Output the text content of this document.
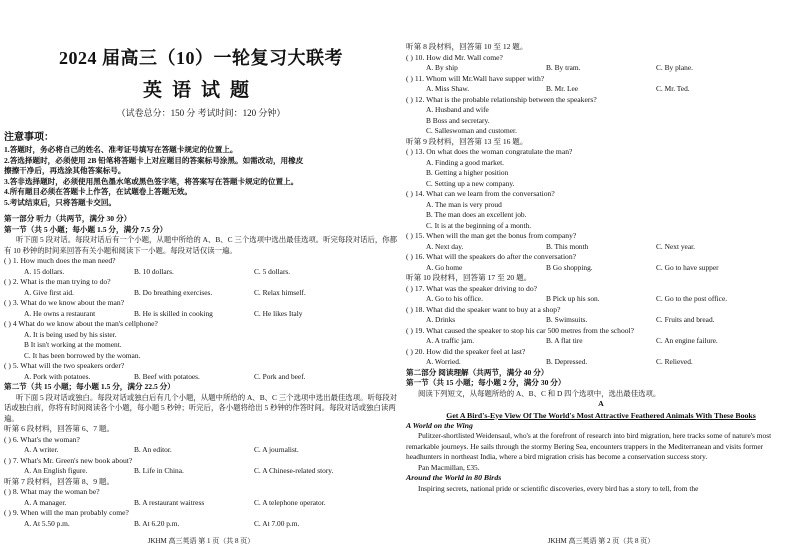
2024 届高三（10）一轮复习大联考
英语试题
（试卷总分：150 分 考试时间：120 分钟）
注意事项：
1.答题时，务必将自己的姓名、准考证号填写在答题卡规定的位置上。
2.答选择题时，必须使用 2B 铅笔将答题卡上对应题目的答案标号涂黑。如需改动，用橡皮
擦擦干净后，再选涂其他答案标号。
3.答非选择题时，必须使用黑色墨水笔或黑色签字笔，将答案写在答题卡规定的位置上。
4.所有题目必须在答题卡上作答，在试题卷上答题无效。
5.考试结束后，只将答题卡交回。
第一部分 听力（共两节，满分 30 分）
第一节（共 5 小题；每小题 1.5 分，满分 7.5 分）
听下面 5 段对话。每段对话后有一个小题，从题中所给的 A、B、C 三个选项中选出最佳选项。听完每段对话后，你都有 10 秒钟的时间来回答有关小题和阅读下一小题。每段对话仅读一遍。
( ) 1. How much does the man need?
A. 15 dollars.	B. 10 dollars.	C. 5 dollars.
( ) 2. What is the man trying to do?
A. Give first aid.	B. Do breathing exercises.	C. Relax himself.
( ) 3. What do we know about the man?
A. He owns a restaurant	B. He is skilled in cooking	C. He likes Italy
( ) 4 What do we know about the man's cellphone?
A. It is being used by his sister.
B It isn't working at the moment.
C. It has been borrowed by the woman.
( ) 5. What will the two speakers order?
A. Pork with potatoes.	B. Beef with potatoes.	C. Pork and beef.
第二节（共 15 小题；每小题 1.5 分，满分 22.5 分）
听下面 5 段对话或独白。每段对话或独白后有几个小题，从题中所给的 A、B、C 三个选项中选出最佳选项。听每段对话或独白前，你将有时间阅读各个小题，每小题 5 秒钟；听完后，各小题将给出 5 秒钟的作答时间。每段对话或独白读两遍。
听第 6 段材料，回答第 6、7 题。
( ) 6. What's the woman?
A. A writer.	B. An editor.	C. A journalist.
( ) 7. What's Mr. Green's new book about?
A. An English figure.	B. Life in China.	C. A Chinese-related story.
听第 7 段材料，回答第 8、9 题。
( ) 8. What may the woman be?
A. A manager.	B. A restaurant waitress	C. A telephone operator.
( ) 9. When will the man probably come?
A. At 5.50 p.m.	B. At 6.20 p.m.	C. At 7.00 p.m.
JKHM 高三英语 第 1 页（共 8 页）
听第 8 段材料，回答第 10 至 12 题。
( ) 10. How did Mr. Wall come?
A. By ship	B. By tram.	C. By plane.
( ) 11. Whom will Mr.Wall have supper with?
A. Miss Shaw.	B. Mr. Lee	C. Mr. Ted.
( ) 12. What is the probable relationship between the speakers?
A. Husband and wife
B Boss and secretary.
C. Salleswoman and customer.
听第 9 段材料，回答第 13 至 16 题。
( ) 13. On what does the woman congratulate the man?
A. Finding a good market.
B. Getting a higher position
C. Setting up a new company.
( ) 14. What can we learn from the conversation?
A. The man is very proud
B. The man does an excellent job.
C. It is at the beginning of a month.
( ) 15. When will the man get the bonus from company?
A. Next day.	B. This month	C. Next year.
( ) 16. What will the speakers do after the conversation?
A. Go home	B Go shopping.	C. Go to have supper
听第 10 段材料，回答第 17 至 20 题。
( ) 17. What was the speaker driving to do?
A. Go to his office.	B Pick up his son.	C. Go to the post office.
( ) 18. What did the speaker want to buy at a shop?
A. Drinks	B. Swimsuits.	C. Fruits and bread.
( ) 19. What caused the speaker to stop his car 500 metres from the school?
A. A traffic jam.	B. A flat tire	C. An engine failure.
( ) 20. How did the speaker feel at last?
A. Worried.	B. Depressed.	C. Relieved.
第二部分 阅读理解（共两节，满分 40 分）
第一节（共 15 小题；每小题 2 分，满分 30 分）
阅读下列短文，从每题所给的 A、B、C 和 D 四个选项中，选出最佳选项。
A
Get A Bird's-Eye View Of The World's Most Attractive Feathered Animals With These Books
A World on the Wing
Pulitzer-shortlisted Weidensaul, who's at the forefront of research into bird migration, here tracks some of nature's most remarkable journeys. He sails through the stormy Bering Sea, encounters trappers in the Mediterranean and visits former headhunters in northeast India, where a bird migration crisis has become a conservation success story.
Pan Macmillan, £35.
Around the World in 80 Birds
Inspiring secrets, national pride or scientific discoveries, every bird has a story to tell, from the
JKHM 高三英语 第 2 页（共 8 页）
